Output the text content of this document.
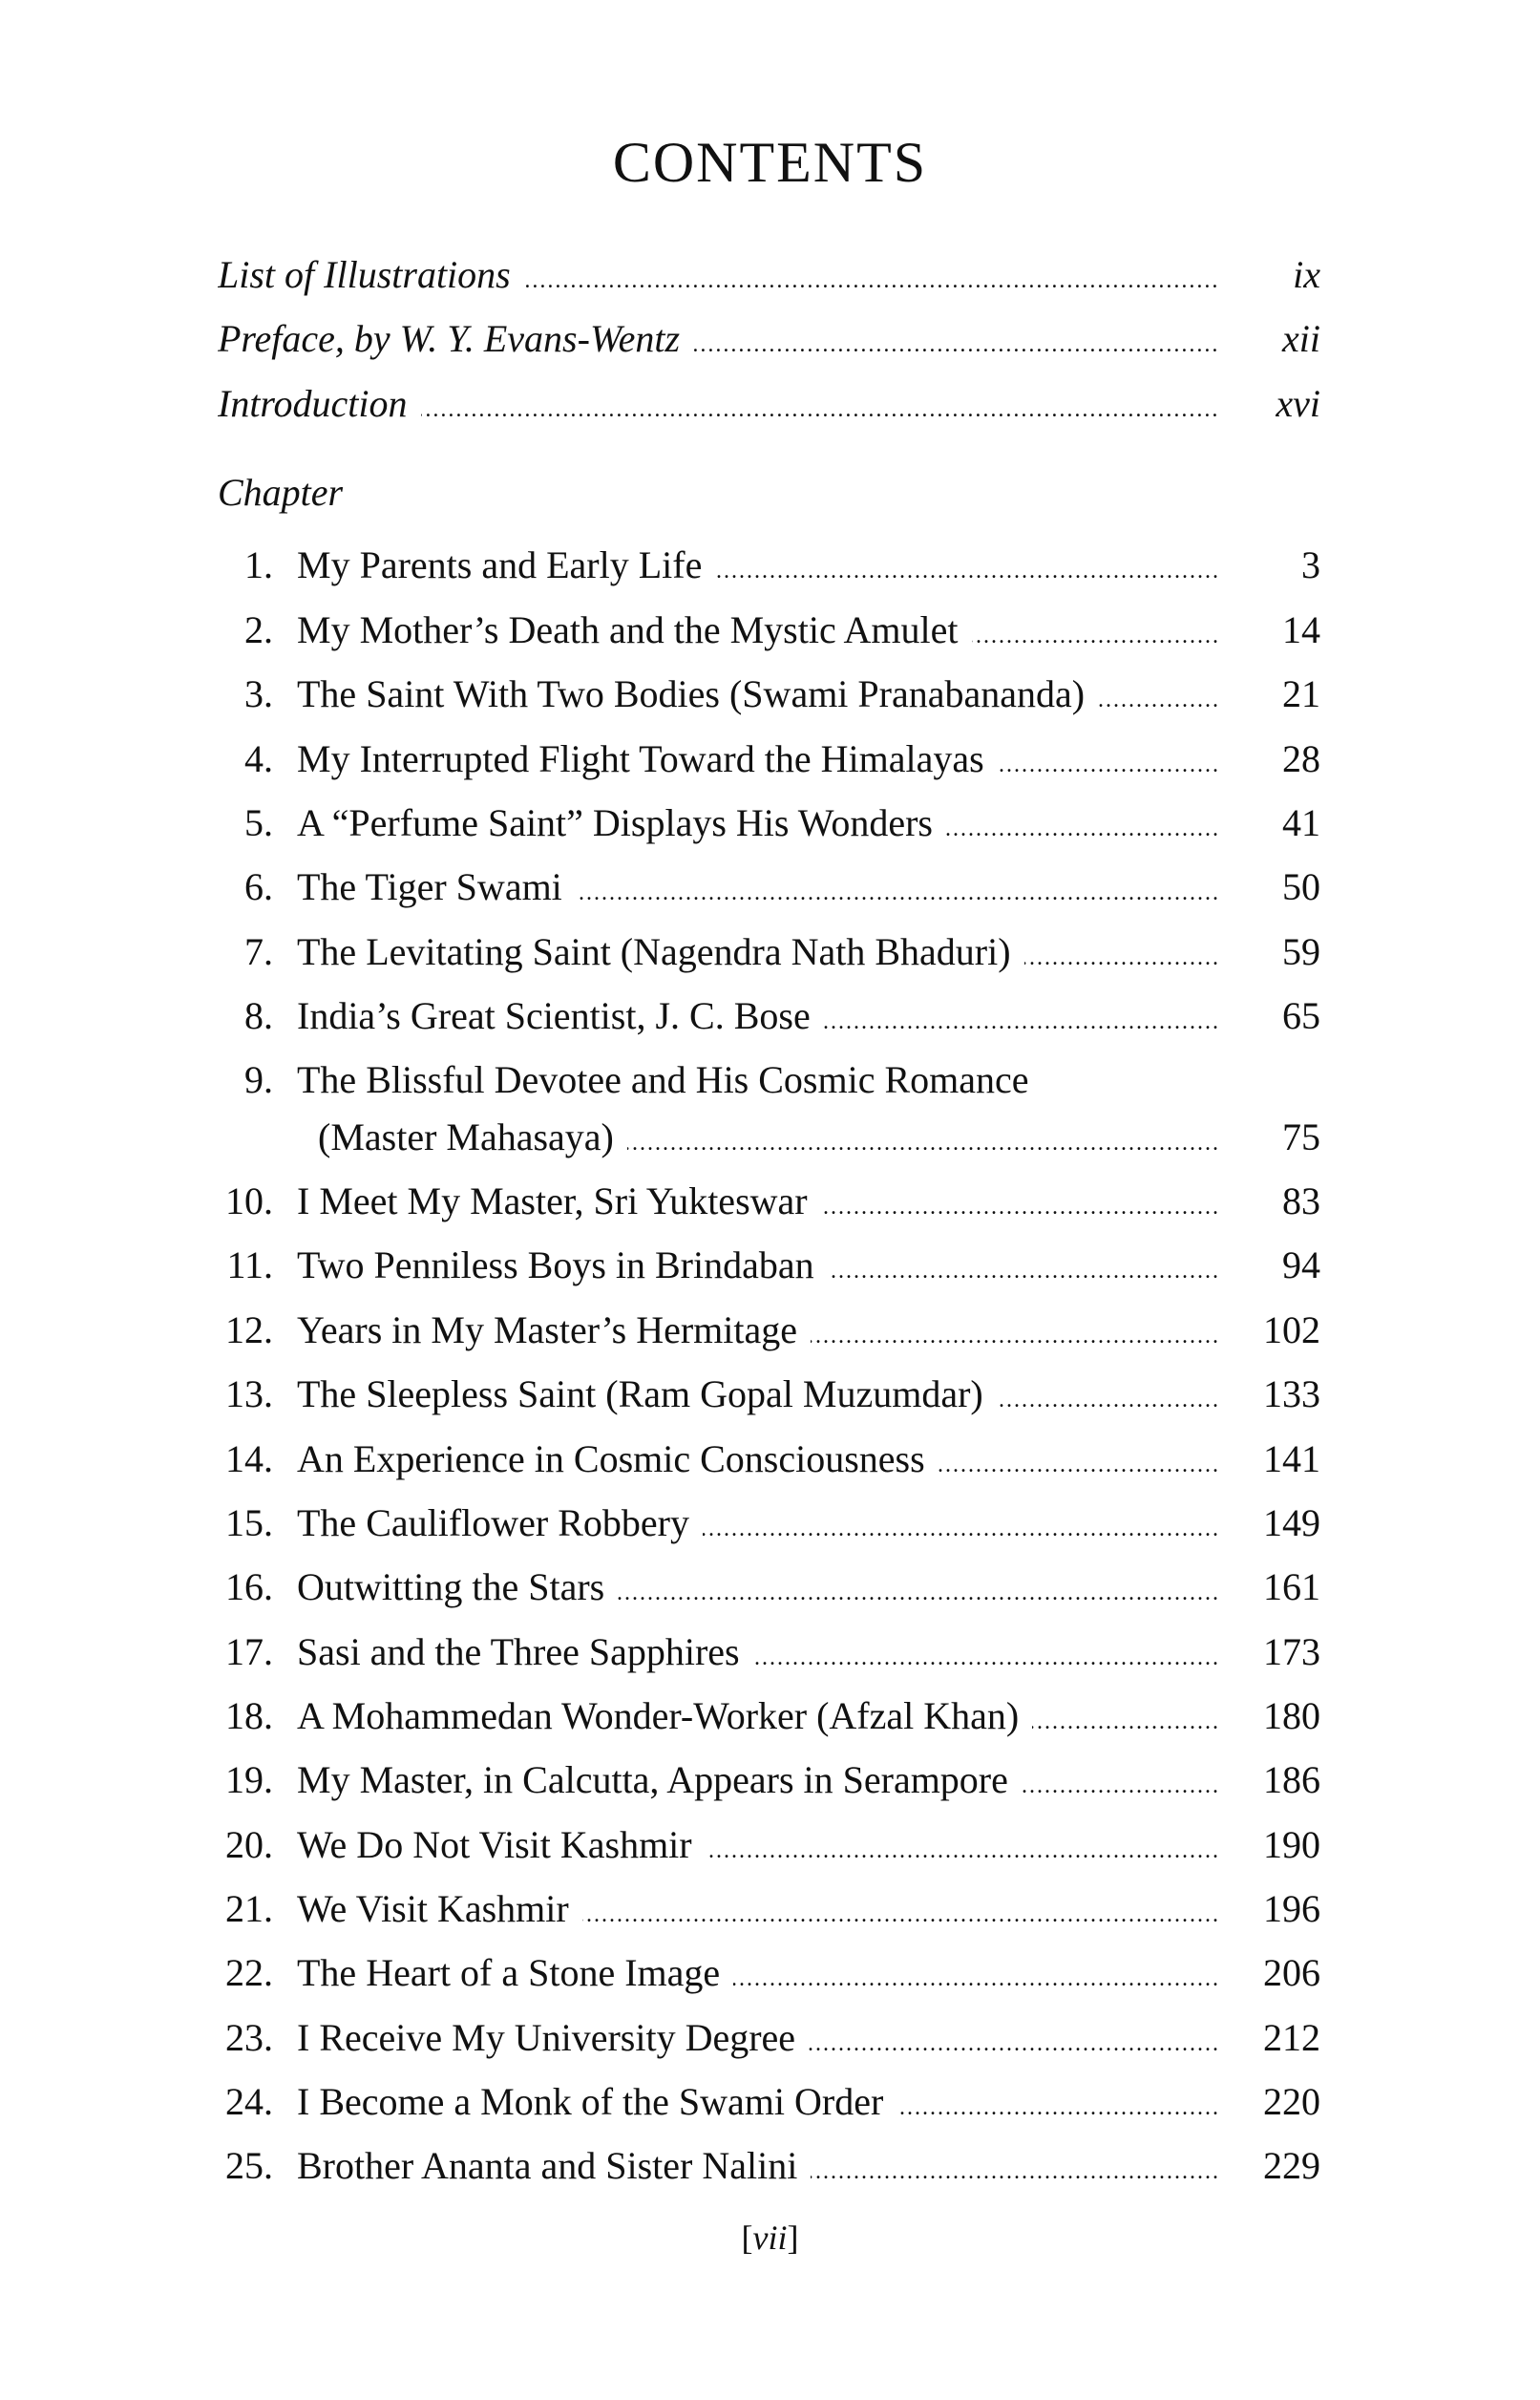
CONTENTS
List of Illustrations .....	ix
Preface, by W. Y. Evans-Wentz .....	xii
Introduction .....	xvi
Chapter
1. My Parents and Early Life .....	3
2. My Mother’s Death and the Mystic Amulet .....	14
3. The Saint With Two Bodies (Swami Pranabananda) .....	21
4. My Interrupted Flight Toward the Himalayas .....	28
5. A “Perfume Saint” Displays His Wonders .....	41
6. The Tiger Swami .....	50
7. The Levitating Saint (Nagendra Nath Bhaduri) .....	59
8. India’s Great Scientist, J. C. Bose .....	65
9. The Blissful Devotee and His Cosmic Romance
(Master Mahasaya) .....	75
10. I Meet My Master, Sri Yukteswar .....	83
11. Two Penniless Boys in Brindaban .....	94
12. Years in My Master’s Hermitage .....	102
13. The Sleepless Saint (Ram Gopal Muzumdar) .....	133
14. An Experience in Cosmic Consciousness .....	141
15. The Cauliflower Robbery .....	149
16. Outwitting the Stars .....	161
17. Sasi and the Three Sapphires .....	173
18. A Mohammedan Wonder-Worker (Afzal Khan) .....	180
19. My Master, in Calcutta, Appears in Serampore .....	186
20. We Do Not Visit Kashmir .....	190
21. We Visit Kashmir .....	196
22. The Heart of a Stone Image .....	206
23. I Receive My University Degree .....	212
24. I Become a Monk of the Swami Order .....	220
25. Brother Ananta and Sister Nalini .....	229
[vii]
